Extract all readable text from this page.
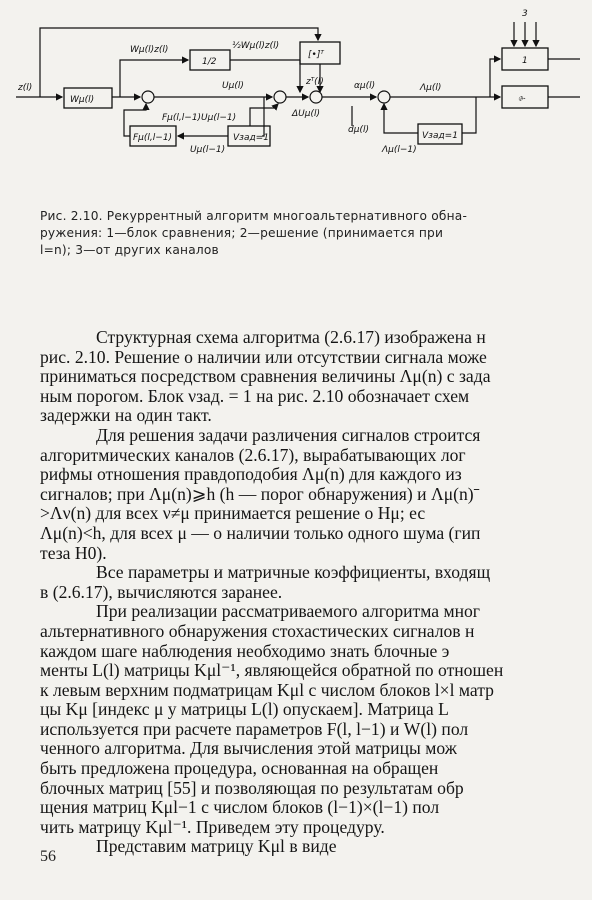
z(l)
Wμ(l)
Wμ(l)z(l)
1/2
½Wμ(l)z(l)
[•]ᵀ
Uμ(l)	zᵀ(l)
ΔUμ(l)
αμ(l)
dμ(l)
Vзад=1
Uμ(l−1)
Fμ(l,l−1)
Fμ(l,l−1)Uμ(l−1)
Λμ(l)
Vзад=1
Λμ(l−1)
⌱
1
3

Рис. 2.10. Рекуррентный алгоритм многоальтернативного обна-

ружения: 1—блок сравнения; 2—решение (принимается при

l=n); 3—от других каналов

Структурная схема алгоритма (2.6.17) изображена н
рис. 2.10. Решение о наличии или отсутствии сигнала може
приниматься посредством сравнения величины Λμ(n) с зада
ным порогом. Блок νзад. = 1 на рис. 2.10 обозначает схем
задержки на один такт.
Для решения задачи различения сигналов строится
алгоритмических каналов (2.6.17), вырабатывающих лог
рифмы отношения правдоподобия Λμ(n) для каждого из
сигналов; при Λμ(n)⩾h (h — порог обнаружения) и Λμ(n)ˉ
>Λν(n) для всех ν≠μ принимается решение о Hμ; ес
Λμ(n)<h, для всех μ — о наличии только одного шума (гип
теза H0).
Все параметры и матричные коэффициенты, входящ
в (2.6.17), вычисляются заранее.
При реализации рассматриваемого алгоритма мног
альтернативного обнаружения стохастических сигналов н
каждом шаге наблюдения необходимо знать блочные э
менты L(l) матрицы Kμl⁻¹, являющейся обратной по отношен
к левым верхним подматрицам Kμl с числом блоков l×l матр
цы Kμ [индекс μ у матрицы L(l) опускаем]. Матрица L
используется при расчете параметров F(l, l−1) и W(l) пол
ченного алгоритма. Для вычисления этой матрицы мож
быть предложена процедура, основанная на обращен
блочных матриц [55] и позволяющая по результатам обр
щения матриц Kμl−1 с числом блоков (l−1)×(l−1) пол
чить матрицу Kμl⁻¹. Приведем эту процедуру.
Представим матрицу Kμl в виде
56
